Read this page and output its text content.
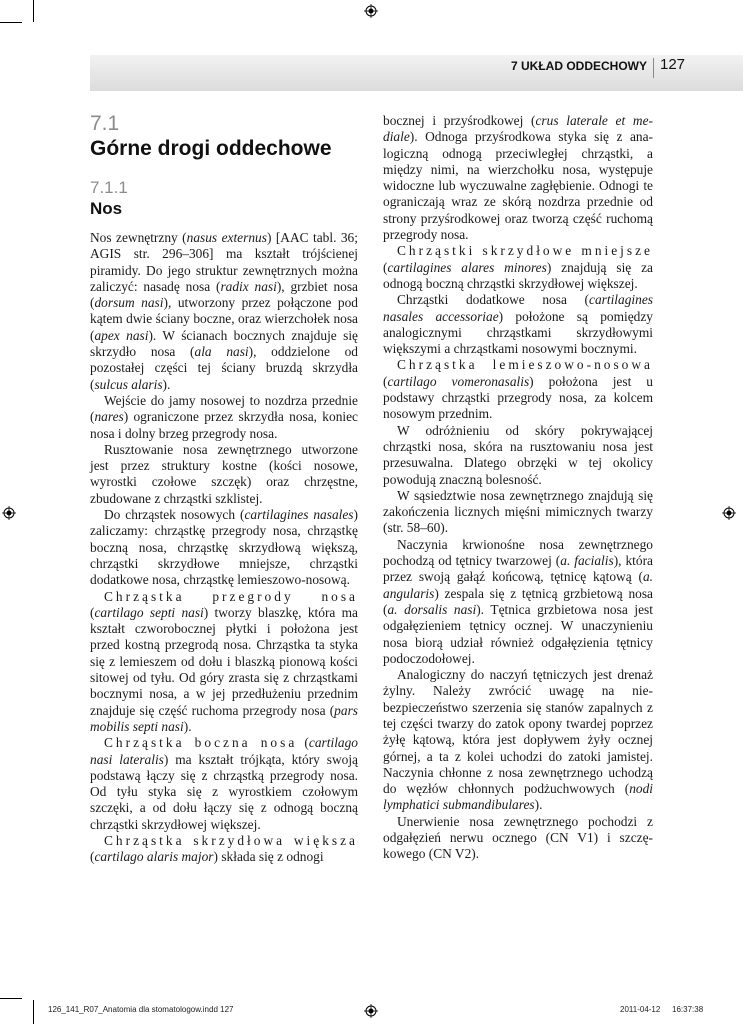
7 UKŁAD ODDECHOWY 127
7.1
Górne drogi oddechowe
7.1.1
Nos

Nos zewnętrzny (nasus externus) [AAC tabl. 36; AGIS str. 296–306] ma kształt trójścienej piramidy. Do jego struktur zewnętrznych można zaliczyć: nasadę nosa (radix nasi), grzbiet nosa (dorsum nasi), utworzony przez połączone pod kątem dwie ściany boczne, oraz wierzchołek nosa (apex nasi). W ścianach bocznych znajduje się skrzydło nosa (ala nasi), oddzielone od pozostałej części tej ściany bruzdą skrzydła (sulcus alaris).

Wejście do jamy nosowej to nozdrza przednie (nares) ograniczone przez skrzydła nosa, koniec nosa i dolny brzeg przegrody nosa.

Rusztowanie nosa zewnętrznego utworzone jest przez struktury kostne (kości nosowe, wyrostki czołowe szczęk) oraz chrzęstne, zbudowane z chrząstki szklistej.

Do chrząstek nosowych (cartilagines nasales) zaliczamy: chrząstkę przegrody nosa, chrząstkę boczną nosa, chrząstkę skrzydłową większą, chrząstki skrzydłowe mniejsze, chrząstki dodatkowe nosa, chrząstkę lemieszowo-nosową.

Chrząstka przegrody nosa (cartilago septi nasi) tworzy blaszkę, która ma kształt czworobocznej płytki i położona jest przed kostną przegrodą nosa. Chrząstka ta styka się z lemieszem od dołu i blaszką pionową kości sitowej od tyłu. Od góry zrasta się z chrząstkami bocznymi nosa, a w jej przedłużeniu przednim znajduje się część ruchoma przegrody nosa (pars mobilis septi nasi).

Chrząstka boczna nosa (cartilago nasi lateralis) ma kształt trójkąta, który swoją podstawą łączy się z chrząstką przegrody nosa. Od tyłu styka się z wyrostkiem czołowym szczęki, a od dołu łączy się z odnogą boczną chrząstki skrzydłowej większej.

Chrząstka skrzydłowa większa (cartilago alaris major) składa się z odnogi

bocznej i przyśrodkowej (crus laterale et mediale). Odnoga przyśrodkowa styka się z analogiczną odnogą przeciwległej chrząstki, a między nimi, na wierzchołku nosa, występuje widoczne lub wyczuwalne zagłębienie. Odnogi te ograniczają wraz ze skórą nozdrza przednie od strony przyśrodkowej oraz tworzą część ruchomą przegrody nosa.

Chrząstki skrzydłowe mniejsze (cartilagines alares minores) znajdują się za odnogą boczną chrząstki skrzydłowej większej.

Chrząstki dodatkowe nosa (cartilagines nasales accessoriae) położone są pomiędzy analogicznymi chrząstkami skrzydłowymi większymi a chrząstkami nosowymi bocznymi.

Chrząstka lemieszowo-nosowa (cartilago vomeronasalis) położona jest u podstawy chrząstki przegrody nosa, za kolcem nosowym przednim.

W odróżnieniu od skóry pokrywającej chrząstki nosa, skóra na rusztowaniu nosa jest przesuwalna. Dlatego obrzęki w tej okolicy powodują znaczną bolesność.

W sąsiedztwie nosa zewnętrznego znajdują się zakończenia licznych mięśni mimicznych twarzy (str. 58–60).

Naczynia krwionośne nosa zewnętrznego pochodzą od tętnicy twarzowej (a. facialis), która przez swoją gałąź końcową, tętnicę kątową (a. angularis) zespala się z tętnicą grzbietową nosa (a. dorsalis nasi). Tętnica grzbietowa nosa jest odgałęzieniem tętnicy ocznej. W unaczynieniu nosa biorą udział również odgałęzienia tętnicy podoczodołowej.

Analogiczny do naczyń tętniczych jest drenaż żylny. Należy zwrócić uwagę na niebezpieczeństwo szerzenia się stanów zapalnych z tej części twarzy do zatok opony twardej poprzez żyłę kątową, która jest dopływem żyły ocznej górnej, a ta z kolei uchodzi do zatoki jamistej. Naczynia chłonne z nosa zewnętrznego uchodzą do węzłów chłonnych podżuchwowych (nodi lymphatici submandibulares).

Unerwienie nosa zewnętrznego pochodzi z odgałęzień nerwu ocznego (CN V1) i szczękowego (CN V2).

126_141_R07_Anatomia dla stomatologow.indd 127	2011-04-12 16:37:38
